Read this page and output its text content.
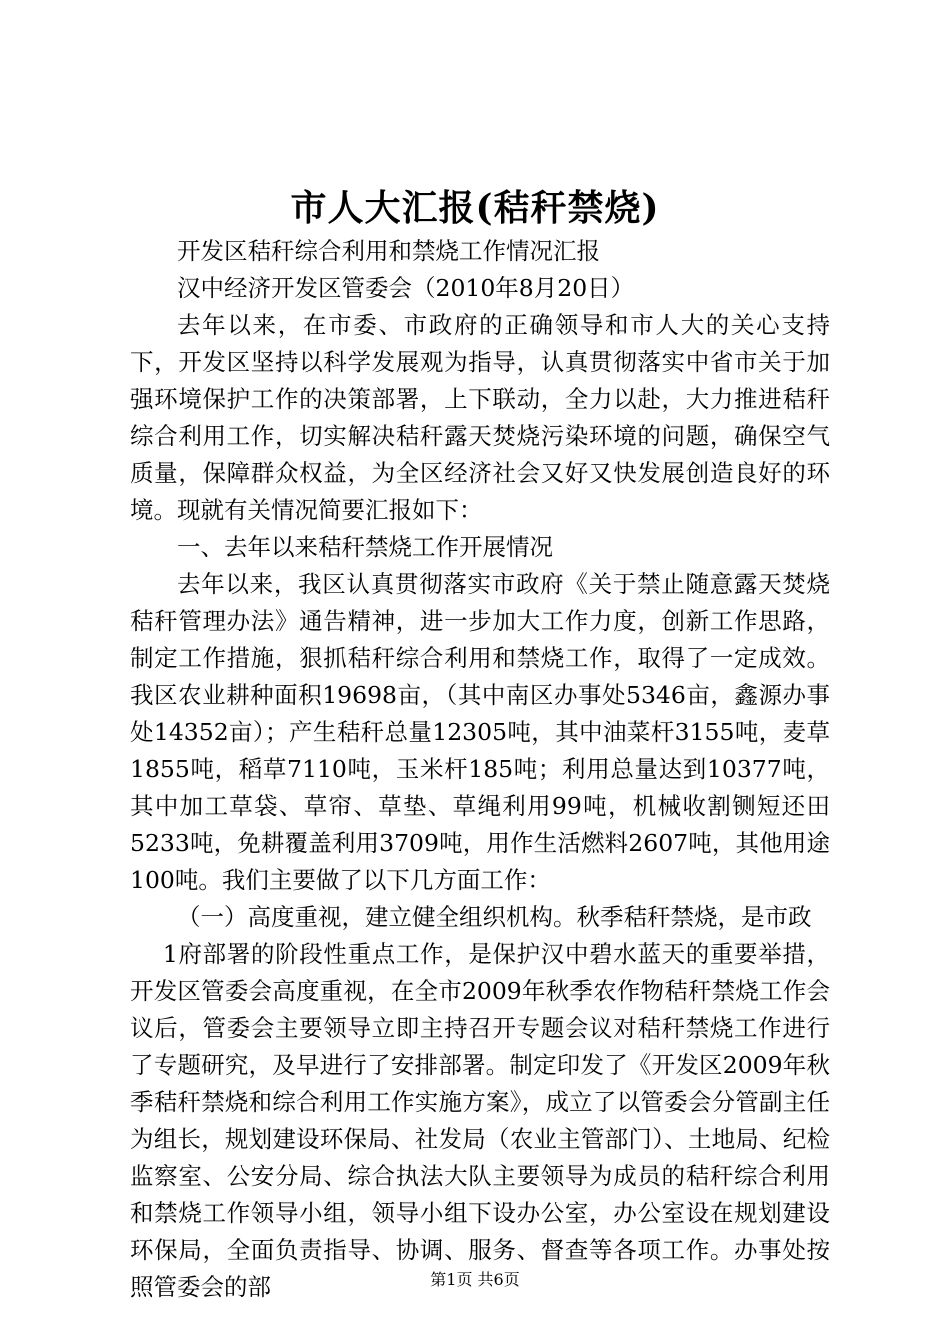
市人大汇报(秸秆禁烧)

开发区秸秆综合利用和禁烧工作情况汇报

汉中经济开发区管委会（2010年8月20日）

去年以来，在市委、市政府的正确领导和市人大的关心支持下，开发区坚持以科学发展观为指导，认真贯彻落实中省市关于加强环境保护工作的决策部署，上下联动，全力以赴，大力推进秸秆综合利用工作，切实解决秸秆露天焚烧污染环境的问题，确保空气质量，保障群众权益，为全区经济社会又好又快发展创造良好的环境。现就有关情况简要汇报如下：

一、去年以来秸秆禁烧工作开展情况

去年以来，我区认真贯彻落实市政府《关于禁止随意露天焚烧秸秆管理办法》通告精神，进一步加大工作力度，创新工作思路，制定工作措施，狠抓秸秆综合利用和禁烧工作，取得了一定成效。我区农业耕种面积19698亩，（其中南区办事处5346亩，鑫源办事处14352亩）；产生秸秆总量12305吨，其中油菜杆3155吨，麦草1855吨，稻草7110吨，玉米杆185吨；利用总量达到10377吨，其中加工草袋、草帘、草垫、草绳利用99吨，机械收割铡短还田5233吨，免耕覆盖利用3709吨，用作生活燃料2607吨，其他用途100吨。我们主要做了以下几方面工作：

（一）高度重视，建立健全组织机构。秋季秸秆禁烧，是市政

1府部署的阶段性重点工作，是保护汉中碧水蓝天的重要举措，开发区管委会高度重视，在全市2009年秋季农作物秸秆禁烧工作会议后，管委会主要领导立即主持召开专题会议对秸秆禁烧工作进行了专题研究，及早进行了安排部署。制定印发了《开发区2009年秋季秸秆禁烧和综合利用工作实施方案》，成立了以管委会分管副主任为组长，规划建设环保局、社发局（农业主管部门）、土地局、纪检监察室、公安分局、综合执法大队主要领导为成员的秸秆综合利用和禁烧工作领导小组，领导小组下设办公室，办公室设在规划建设环保局，全面负责指导、协调、服务、督查等各项工作。办事处按照管委会的部	第1页 共6页
